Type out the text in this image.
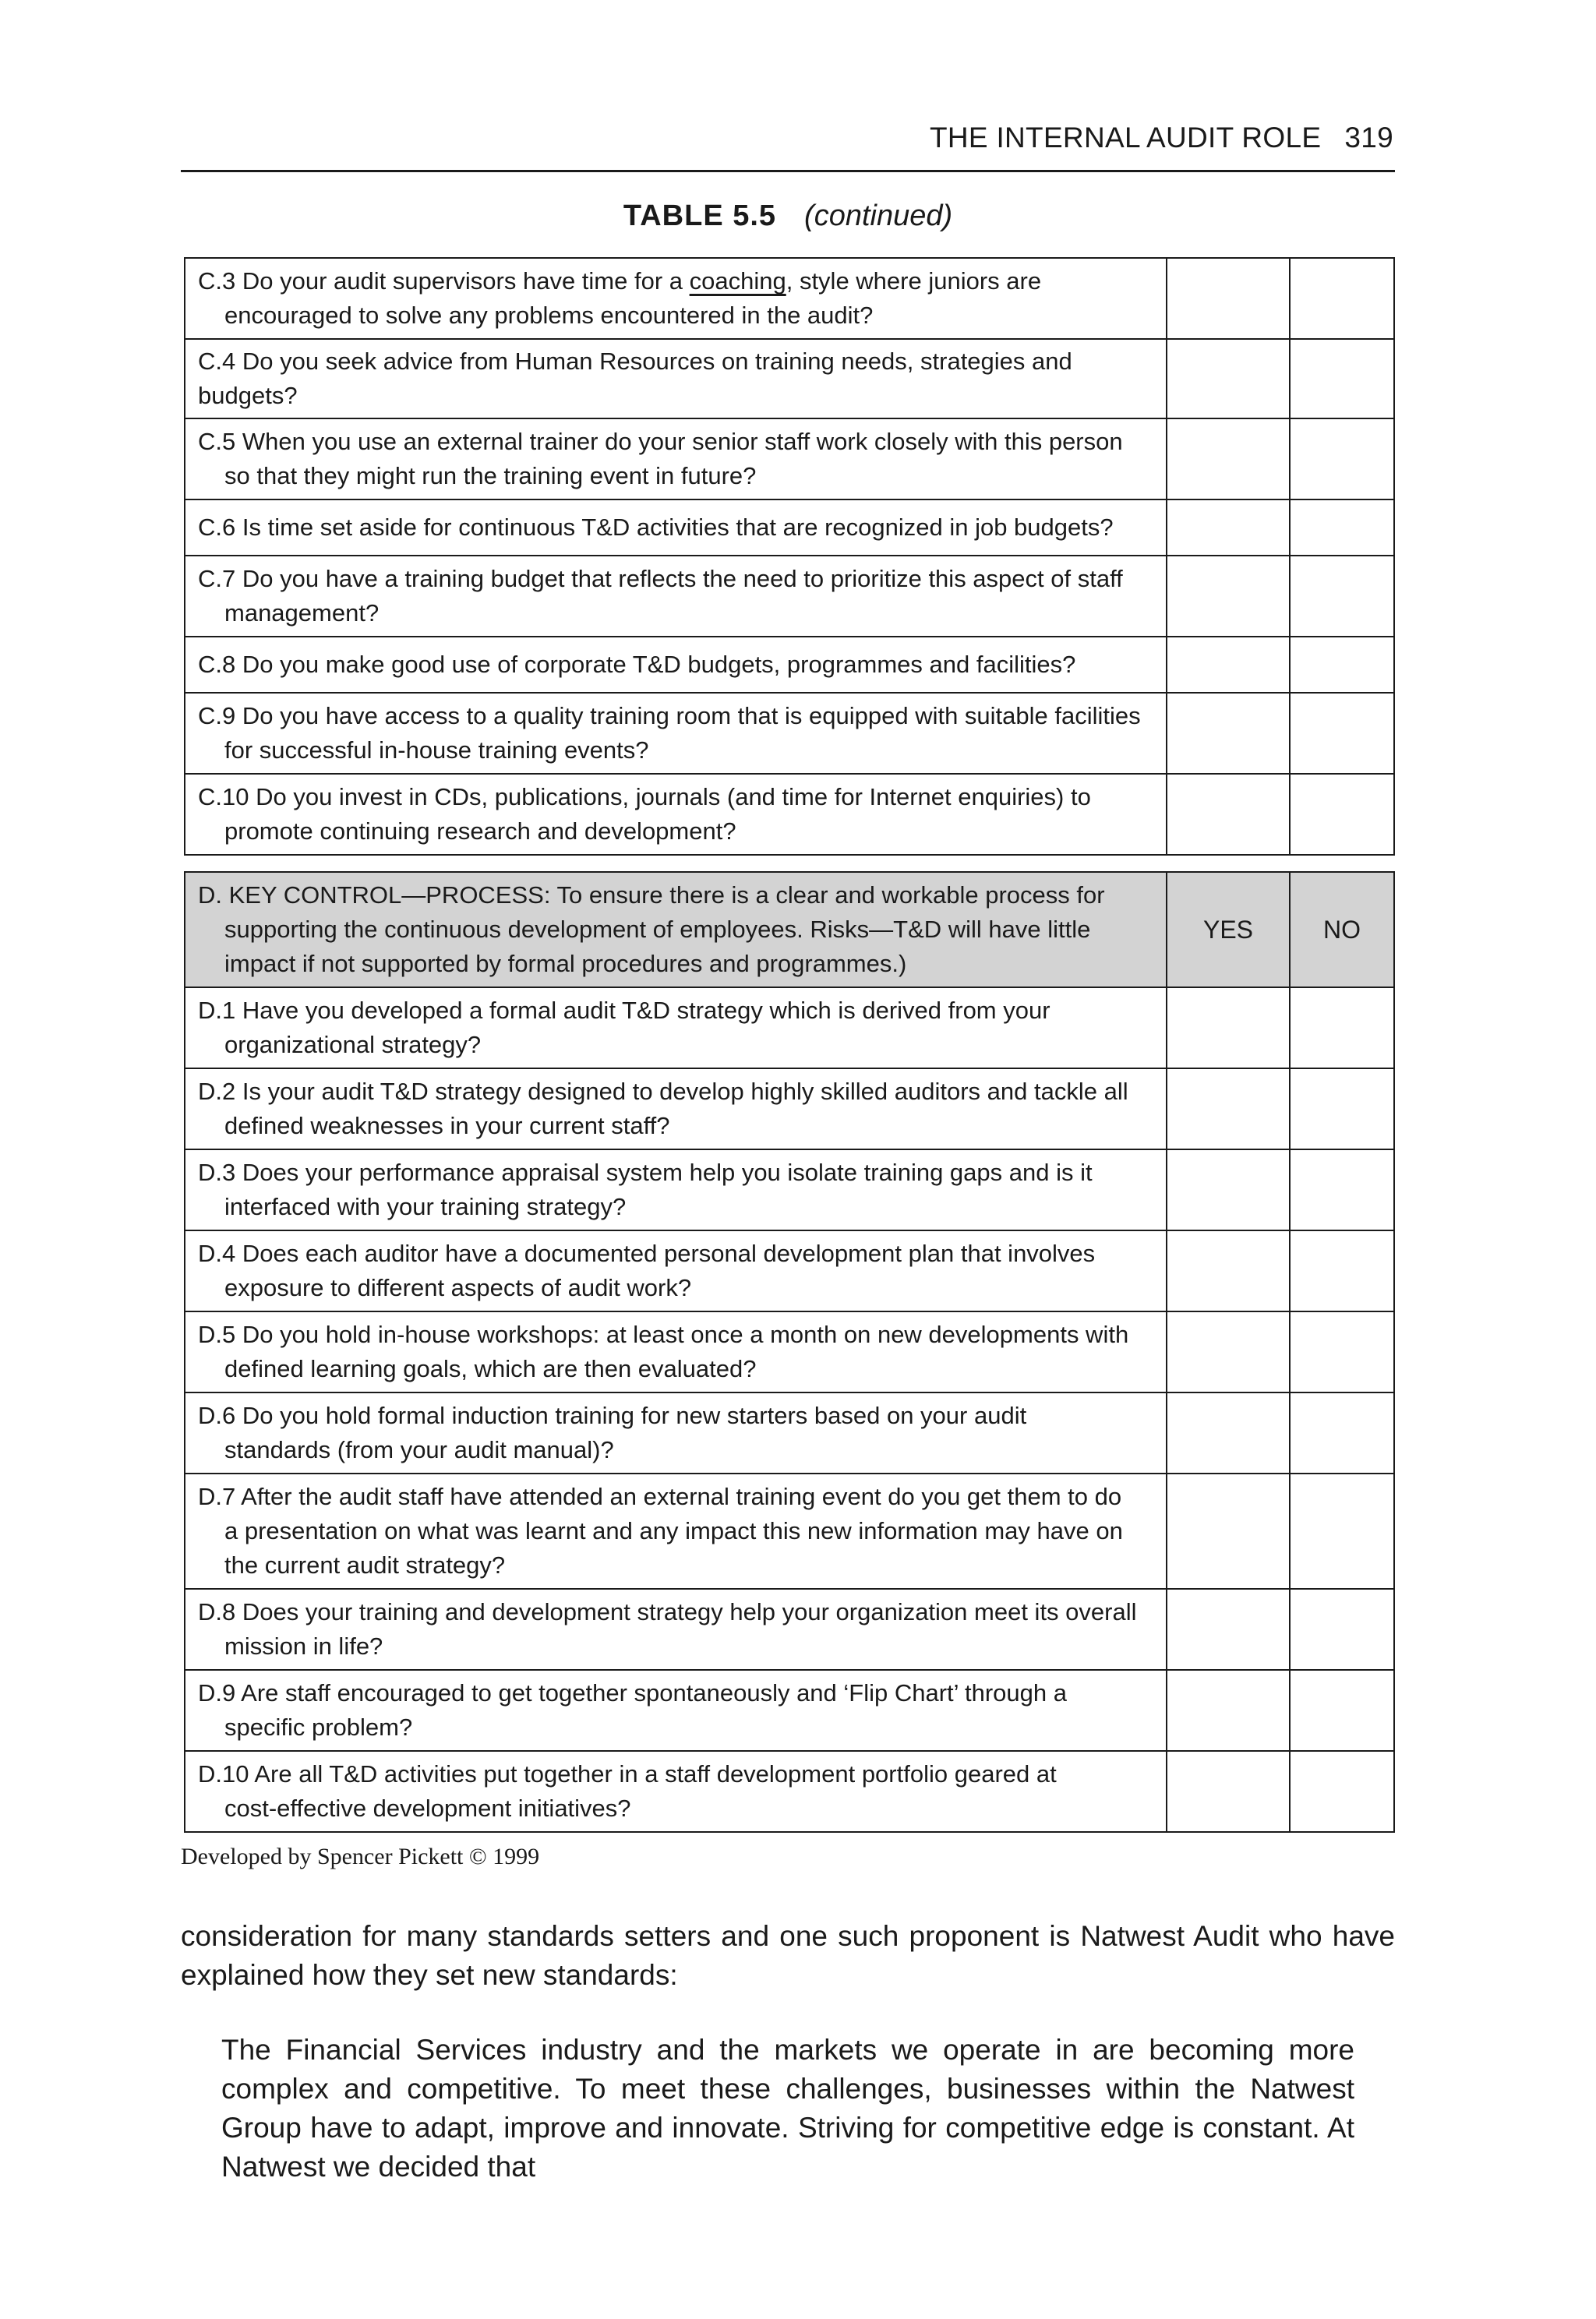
THE INTERNAL AUDIT ROLE 319
TABLE 5.5 (continued)
C.3 Do your audit supervisors have time for a coaching, style where juniors are
encouraged to solve any problems encountered in the audit?		

C.4 Do you seek advice from Human Resources on training needs, strategies and budgets?		

C.5 When you use an external trainer do your senior staff work closely with this person
so that they might run the training event in future?		

C.6 Is time set aside for continuous T&D activities that are recognized in job budgets?		

C.7 Do you have a training budget that reflects the need to prioritize this aspect of staff
management?		

C.8 Do you make good use of corporate T&D budgets, programmes and facilities?		

C.9 Do you have access to a quality training room that is equipped with suitable facilities
for successful in-house training events?		

C.10 Do you invest in CDs, publications, journals (and time for Internet enquiries) to
promote continuing research and development?		

D. KEY CONTROL—PROCESS: To ensure there is a clear and workable process for
supporting the continuous development of employees. Risks—T&D will have little
impact if not supported by formal procedures and programmes.)	YES	NO

D.1 Have you developed a formal audit T&D strategy which is derived from your
organizational strategy?		

D.2 Is your audit T&D strategy designed to develop highly skilled auditors and tackle all
defined weaknesses in your current staff?		

D.3 Does your performance appraisal system help you isolate training gaps and is it
interfaced with your training strategy?		

D.4 Does each auditor have a documented personal development plan that involves
exposure to different aspects of audit work?		

D.5 Do you hold in-house workshops: at least once a month on new developments with
defined learning goals, which are then evaluated?		

D.6 Do you hold formal induction training for new starters based on your audit
standards (from your audit manual)?		

D.7 After the audit staff have attended an external training event do you get them to do
a presentation on what was learnt and any impact this new information may have on
the current audit strategy?		

D.8 Does your training and development strategy help your organization meet its overall
mission in life?		

D.9 Are staff encouraged to get together spontaneously and ‘Flip Chart’ through a
specific problem?		

D.10 Are all T&D activities put together in a staff development portfolio geared at
cost-effective development initiatives?		

Developed by Spencer Pickett © 1999

consideration for many standards setters and one such proponent is Natwest Audit who have explained how they set new standards:

The Financial Services industry and the markets we operate in are becoming more complex and competitive. To meet these challenges, businesses within the Natwest Group have to adapt, improve and innovate. Striving for competitive edge is constant. At Natwest we decided that
